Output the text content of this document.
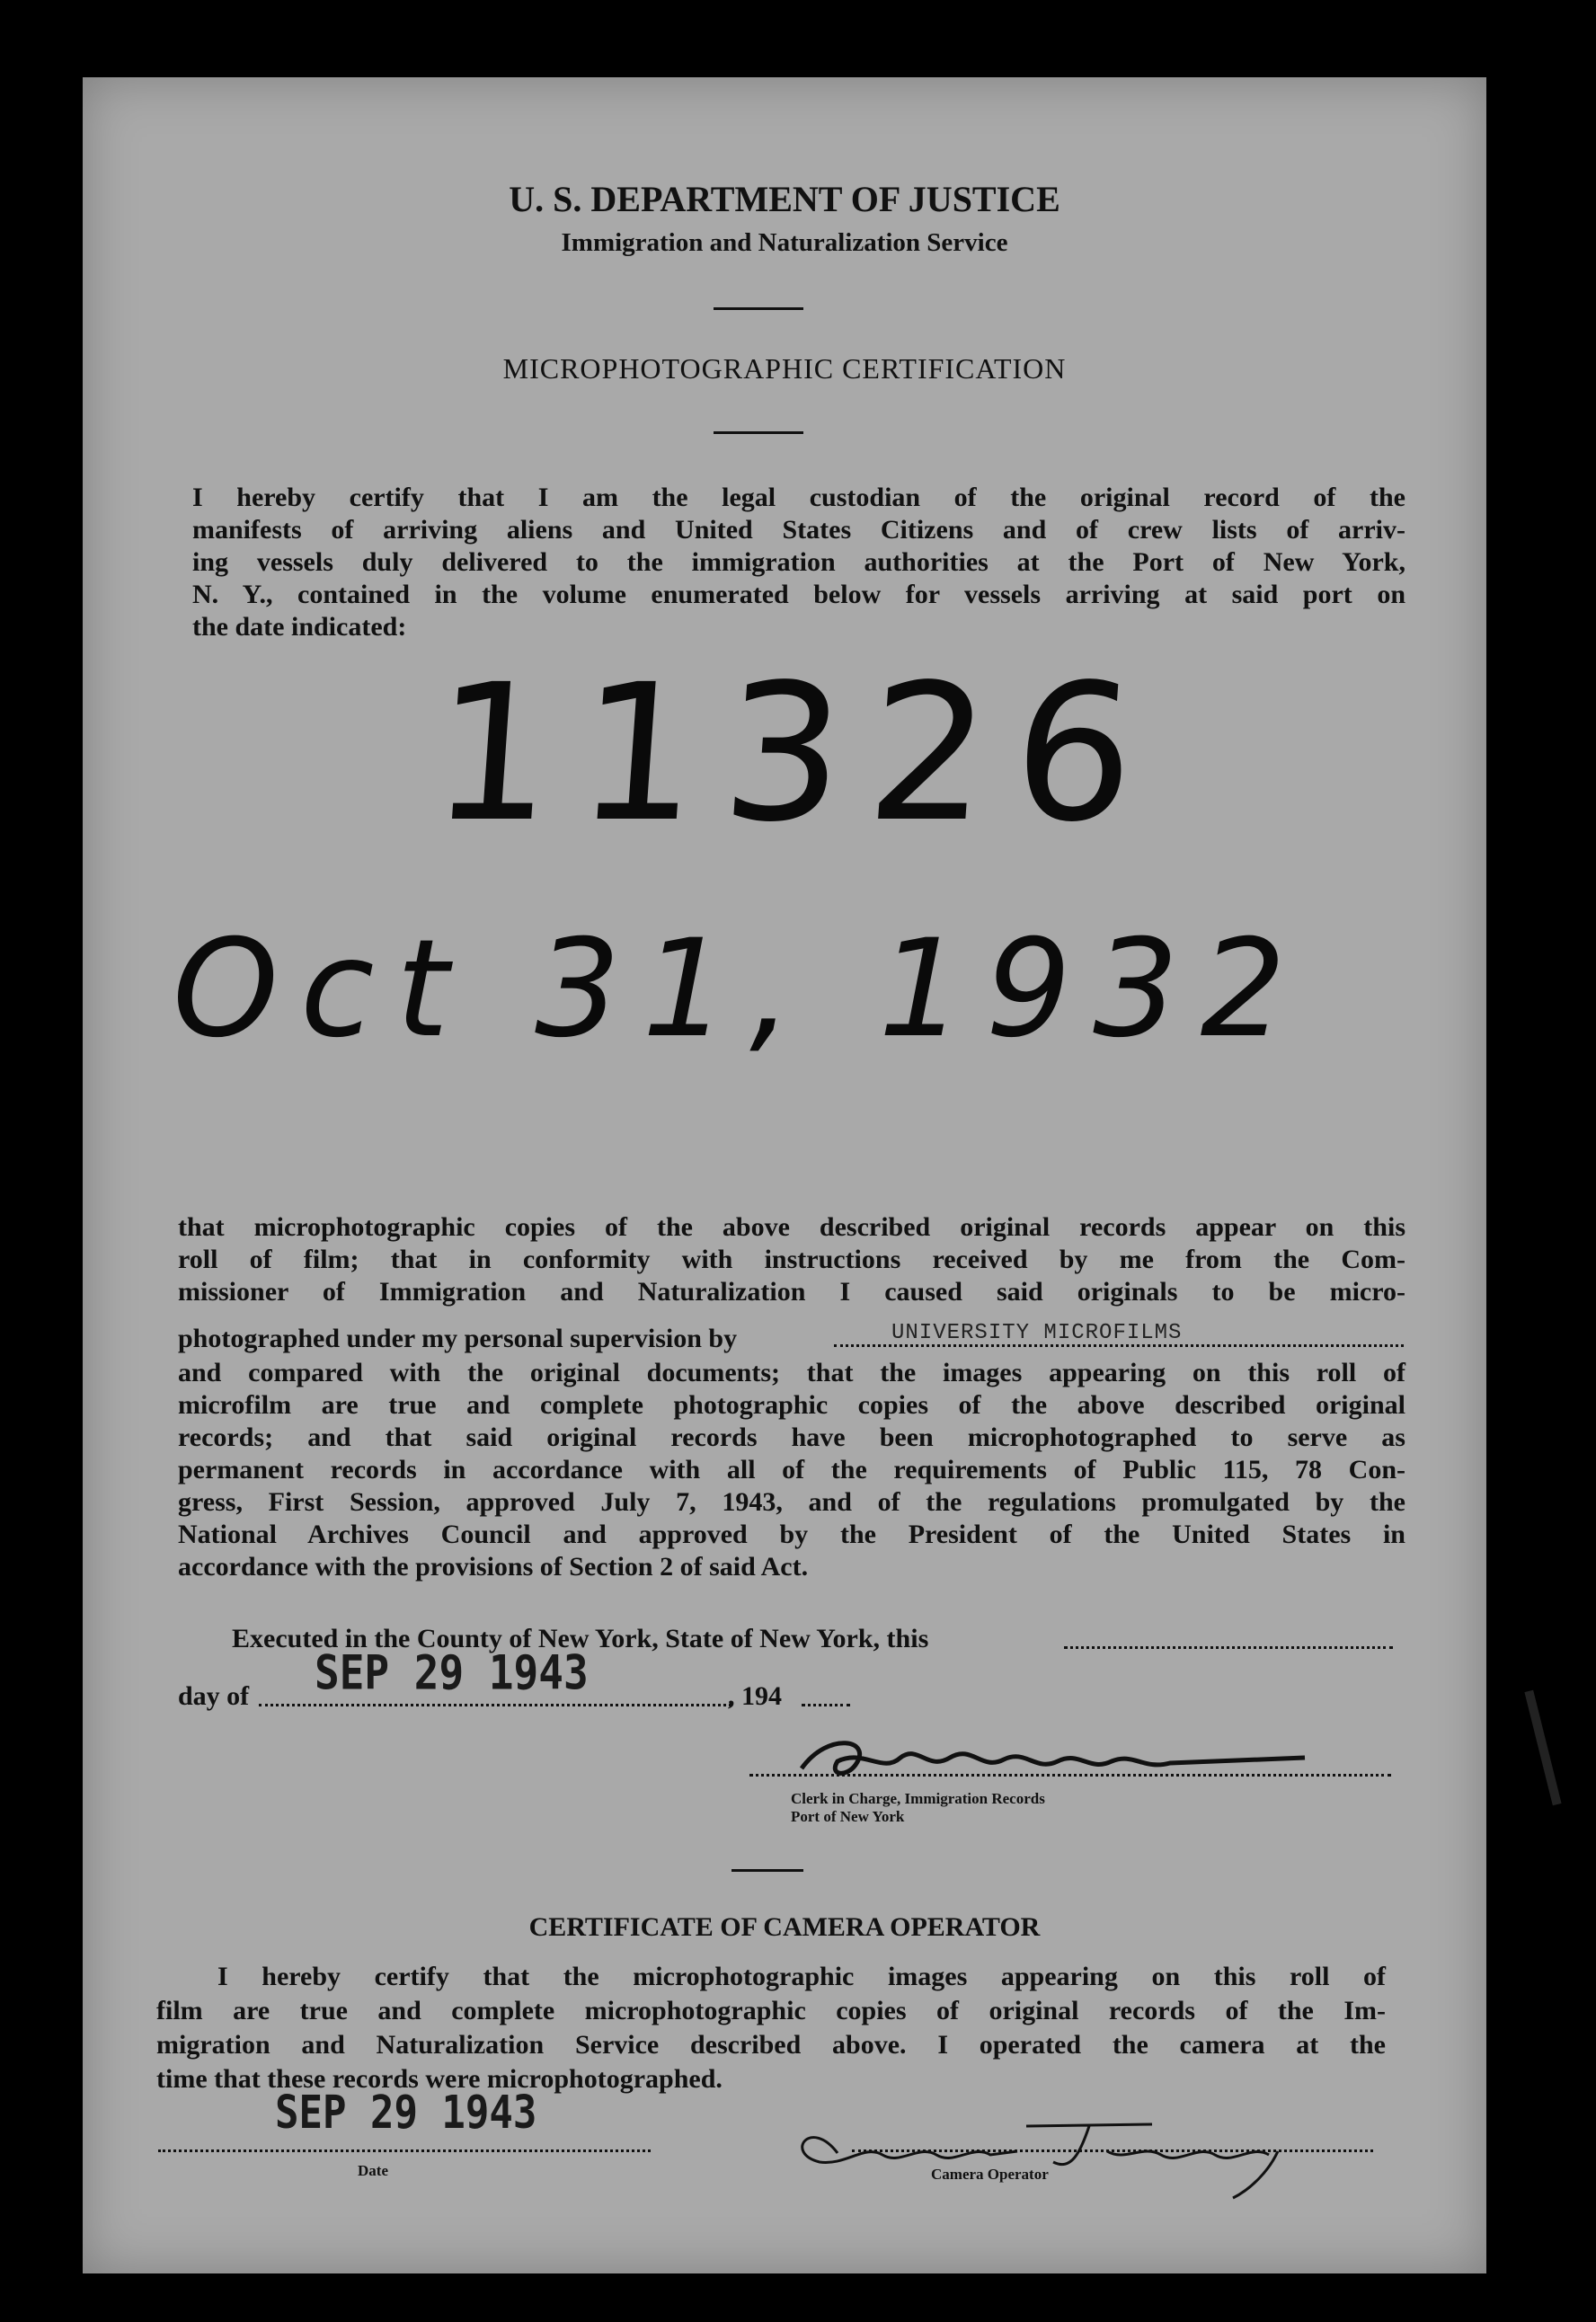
U. S. DEPARTMENT OF JUSTICE
Immigration and Naturalization Service
MICROPHOTOGRAPHIC CERTIFICATION
I hereby certify that I am the legal custodian of the original record of the
manifests of arriving aliens and United States Citizens and of crew lists of arriv-
ing vessels duly delivered to the immigration authorities at the Port of New York,
N. Y., contained in the volume enumerated below for vessels arriving at said port on
the date indicated:
11326
Oct 31, 1932
that microphotographic copies of the above described original records appear on this
roll of film; that in conformity with instructions received by me from the Com-
missioner of Immigration and Naturalization I caused said originals to be micro-
photographed under my personal supervision by	UNIVERSITY MICROFILMS
and compared with the original documents; that the images appearing on this roll of
microfilm are true and complete photographic copies of the above described original
records; and that said original records have been microphotographed to serve as
permanent records in accordance with all of the requirements of Public 115, 78 Con-
gress, First Session, approved July 7, 1943, and of the regulations promulgated by the
National Archives Council and approved by the President of the United States in
accordance with the provisions of Section 2 of said Act.
Executed in the County of New York, State of New York, this
day of	SEP 29 1943	, 194
Clerk in Charge, Immigration Records
Port of New York
CERTIFICATE OF CAMERA OPERATOR
I hereby certify that the microphotographic images appearing on this roll of
film are true and complete microphotographic copies of original records of the Im-
migration and Naturalization Service described above. I operated the camera at the
time that these records were microphotographed.
SEP 29 1943
Date	Camera Operator
